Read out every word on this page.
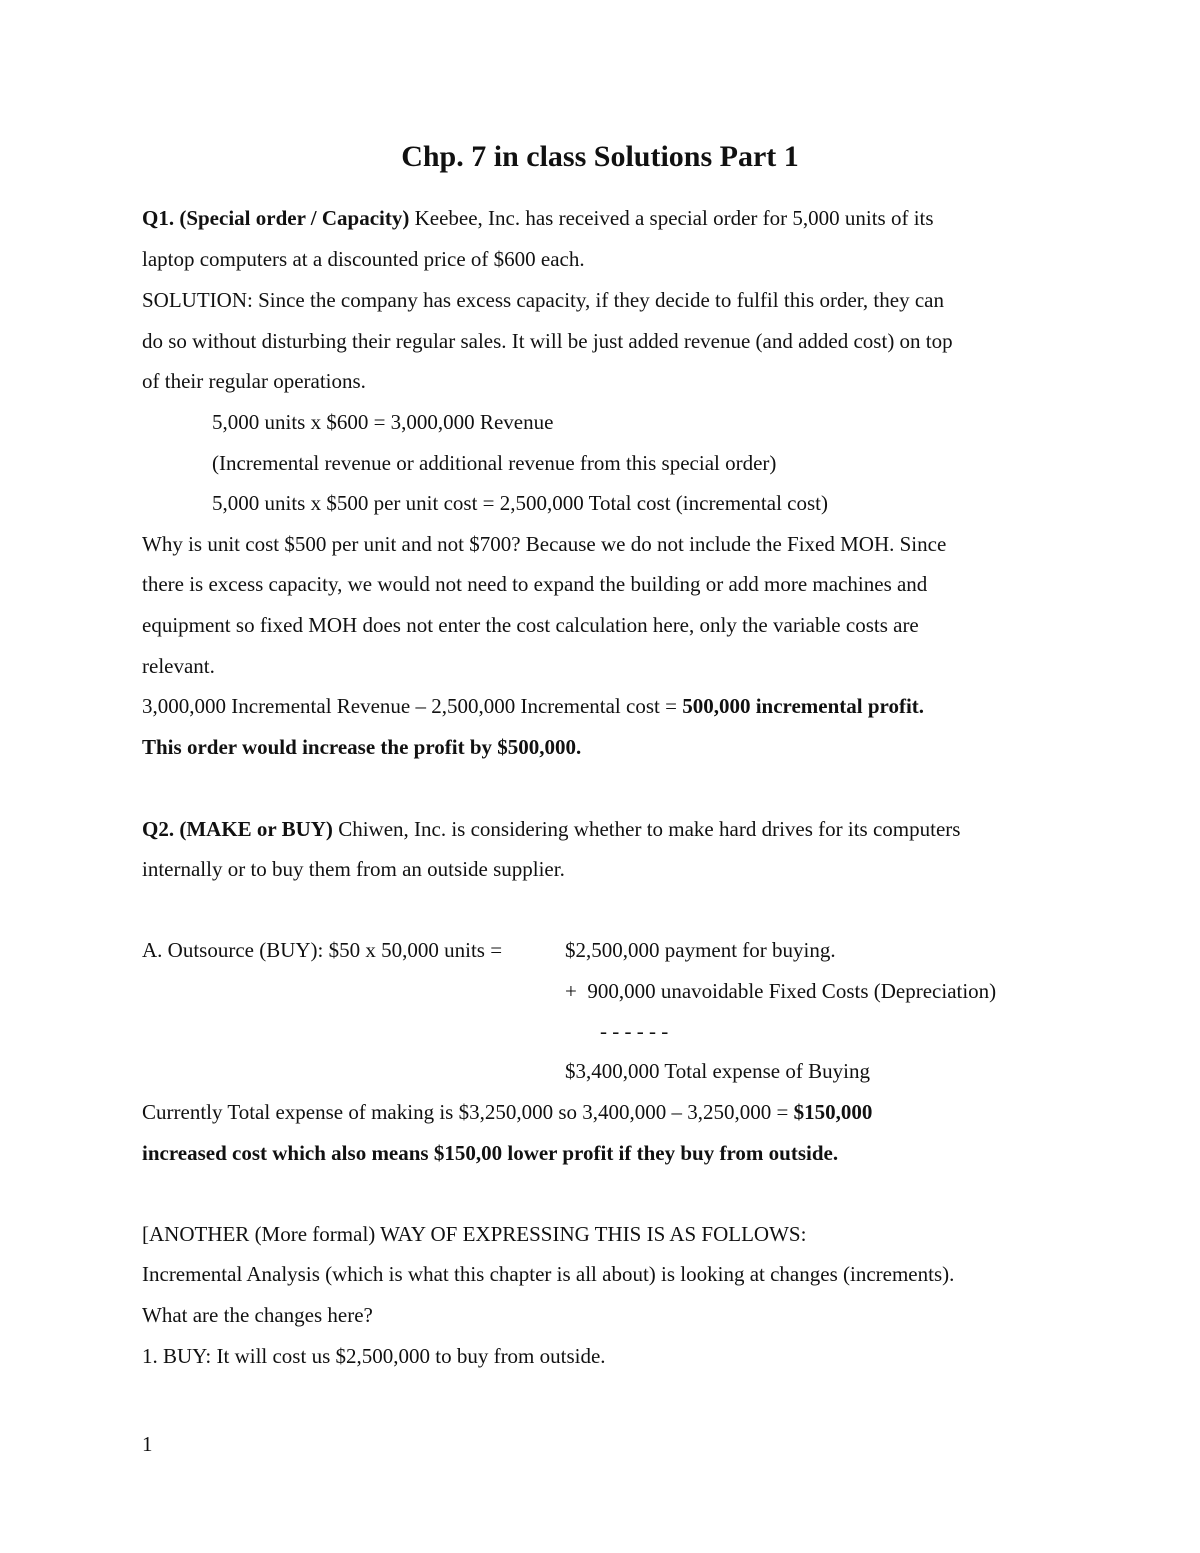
Chp. 7 in class Solutions Part 1
Q1. (Special order / Capacity) Keebee, Inc. has received a special order for 5,000 units of its
laptop computers at a discounted price of $600 each.
SOLUTION: Since the company has excess capacity, if they decide to fulfil this order, they can
do so without disturbing their regular sales. It will be just added revenue (and added cost) on top
of their regular operations.
5,000 units x $600 = 3,000,000 Revenue
(Incremental revenue or additional revenue from this special order)
5,000 units x $500 per unit cost = 2,500,000 Total cost (incremental cost)
Why is unit cost $500 per unit and not $700? Because we do not include the Fixed MOH. Since
there is excess capacity, we would not need to expand the building or add more machines and
equipment so fixed MOH does not enter the cost calculation here, only the variable costs are
relevant.
3,000,000 Incremental Revenue – 2,500,000 Incremental cost = 500,000 incremental profit.
This order would increase the profit by $500,000.
Q2. (MAKE or BUY) Chiwen, Inc. is considering whether to make hard drives for its computers
internally or to buy them from an outside supplier.
A. Outsource (BUY): $50 x 50,000 units =	$2,500,000 payment for buying.
+  900,000 unavoidable Fixed Costs (Depreciation)
- - - - - -
$3,400,000 Total expense of Buying
Currently Total expense of making is $3,250,000 so 3,400,000 – 3,250,000 = $150,000
increased cost which also means $150,00 lower profit if they buy from outside.
[ANOTHER (More formal) WAY OF EXPRESSING THIS IS AS FOLLOWS:
Incremental Analysis (which is what this chapter is all about) is looking at changes (increments).
What are the changes here?
1. BUY: It will cost us $2,500,000 to buy from outside.
1
